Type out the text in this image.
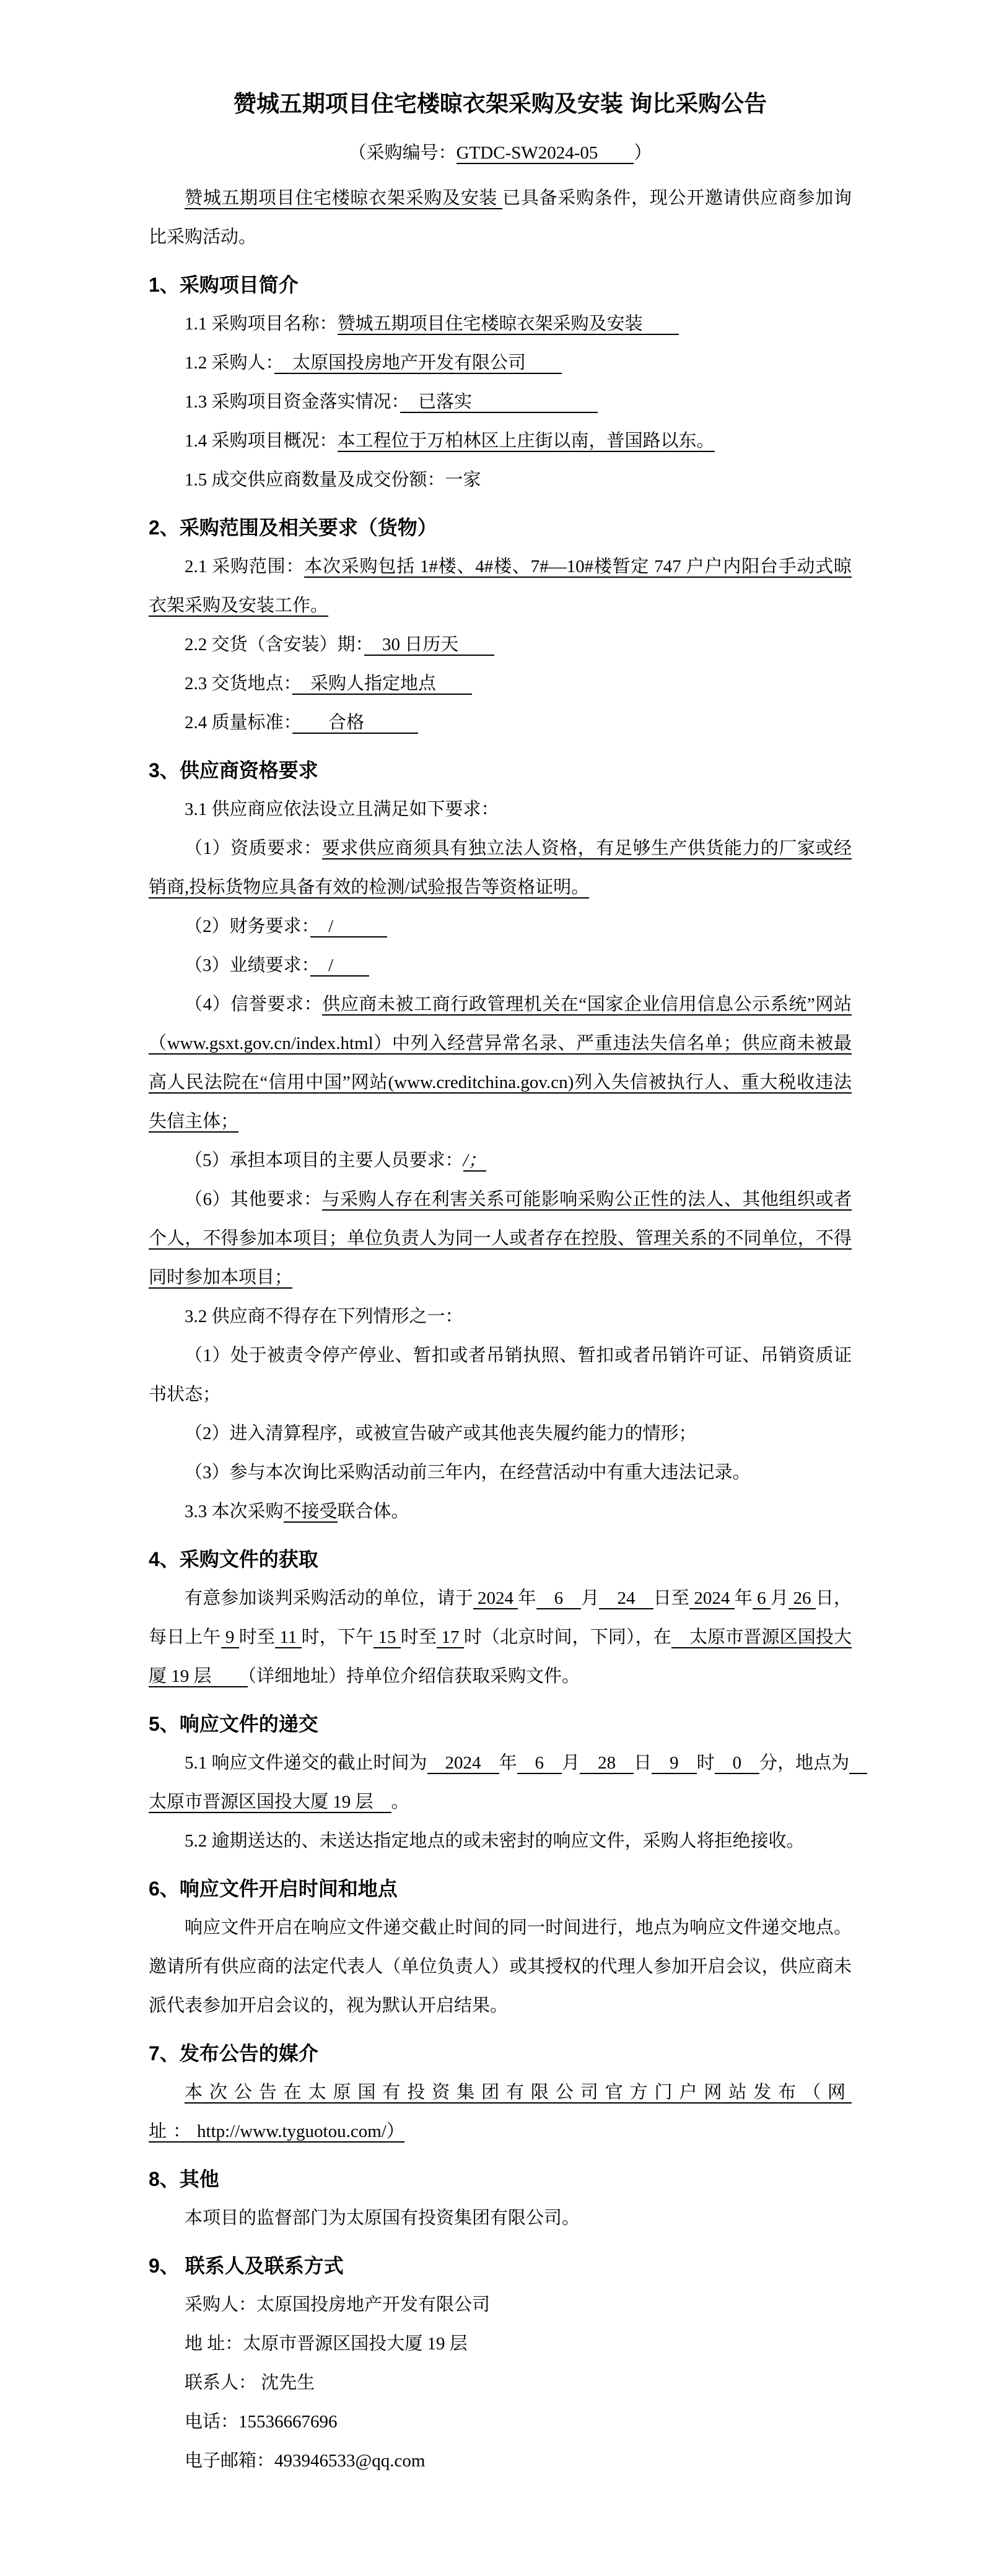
赞城五期项目住宅楼晾衣架采购及安装 询比采购公告
（采购编号：GTDC-SW2024-05　　）
赞城五期项目住宅楼晾衣架采购及安装 已具备采购条件，现公开邀请供应商参加询比采购活动。
1、采购项目简介
1.1 采购项目名称：赞城五期项目住宅楼晾衣架采购及安装　　
1.2 采购人：　太原国投房地产开发有限公司　　
1.3 采购项目资金落实情况：　已落实　　　　　　　
1.4 采购项目概况：本工程位于万柏林区上庄街以南，普国路以东。
1.5 成交供应商数量及成交份额：一家
2、采购范围及相关要求（货物）
2.1 采购范围：本次采购包括 1#楼、4#楼、7#—10#楼暂定 747 户户内阳台手动式晾衣架采购及安装工作。
2.2 交货（含安装）期：　30 日历天　　
2.3 交货地点：　采购人指定地点　　
2.4 质量标准：　　合格　　　
3、供应商资格要求
3.1 供应商应依法设立且满足如下要求：
（1）资质要求：要求供应商须具有独立法人资格，有足够生产供货能力的厂家或经销商,投标货物应具备有效的检测/试验报告等资格证明。
（2）财务要求：　/　　　
（3）业绩要求：　/　　
（4）信誉要求：供应商未被工商行政管理机关在“国家企业信用信息公示系统”网站（www.gsxt.gov.cn/index.html）中列入经营异常名录、严重违法失信名单；供应商未被最高人民法院在“信用中国”网站(www.creditchina.gov.cn)列入失信被执行人、重大税收违法失信主体；
（5）承担本项目的主要人员要求：/；
（6）其他要求：与采购人存在利害关系可能影响采购公正性的法人、其他组织或者个人，不得参加本项目；单位负责人为同一人或者存在控股、管理关系的不同单位，不得同时参加本项目；
3.2 供应商不得存在下列情形之一：
（1）处于被责令停产停业、暂扣或者吊销执照、暂扣或者吊销许可证、吊销资质证书状态；
（2）进入清算程序，或被宣告破产或其他丧失履约能力的情形；
（3）参与本次询比采购活动前三年内，在经营活动中有重大违法记录。
3.3 本次采购不接受联合体。
4、采购文件的获取
有意参加谈判采购活动的单位，请于 2024 年　6　月　24　日至 2024 年 6 月 26 日，每日上午 9 时至 11 时，下午 15 时至 17 时（北京时间，下同），在　太原市晋源区国投大厦 19 层　　（详细地址）持单位介绍信获取采购文件。
5、响应文件的递交
5.1 响应文件递交的截止时间为　2024　年　6　月　28　日　9　时　0　分，地点为　太原市晋源区国投大厦 19 层　。
5.2 逾期送达的、未送达指定地点的或未密封的响应文件，采购人将拒绝接收。
6、响应文件开启时间和地点
响应文件开启在响应文件递交截止时间的同一时间进行，地点为响应文件递交地点。邀请所有供应商的法定代表人（单位负责人）或其授权的代理人参加开启会议，供应商未派代表参加开启会议的，视为默认开启结果。
7、发布公告的媒介
本次公告在太原国有投资集团有限公司官方门户网站发布（网址：http://www.tyguotou.com/）
8、其他
本项目的监督部门为太原国有投资集团有限公司。
9、 联系人及联系方式
采购人：太原国投房地产开发有限公司
地 址：太原市晋源区国投大厦 19 层
联系人： 沈先生
电话：15536667696
电子邮箱：493946533@qq.com
